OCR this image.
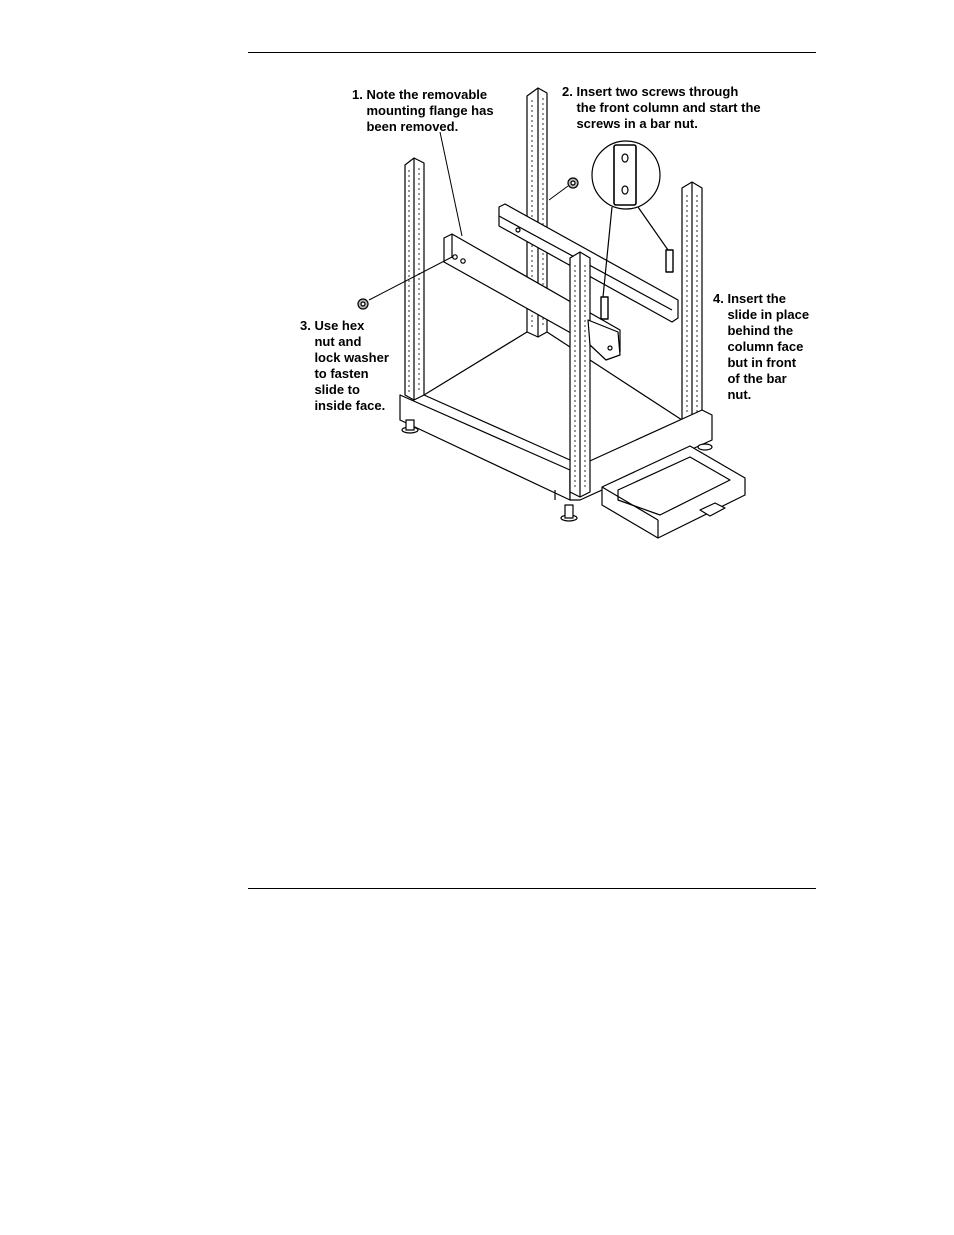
1. Note the removable
mounting flange has
been removed.
2. Insert two screws through
the front column and start the
screws in a bar nut.
3. Use hex
nut and
lock washer
to fasten
slide to
inside face.
4. Insert the
slide in place
behind the
column face
but in front
of the bar
nut.
